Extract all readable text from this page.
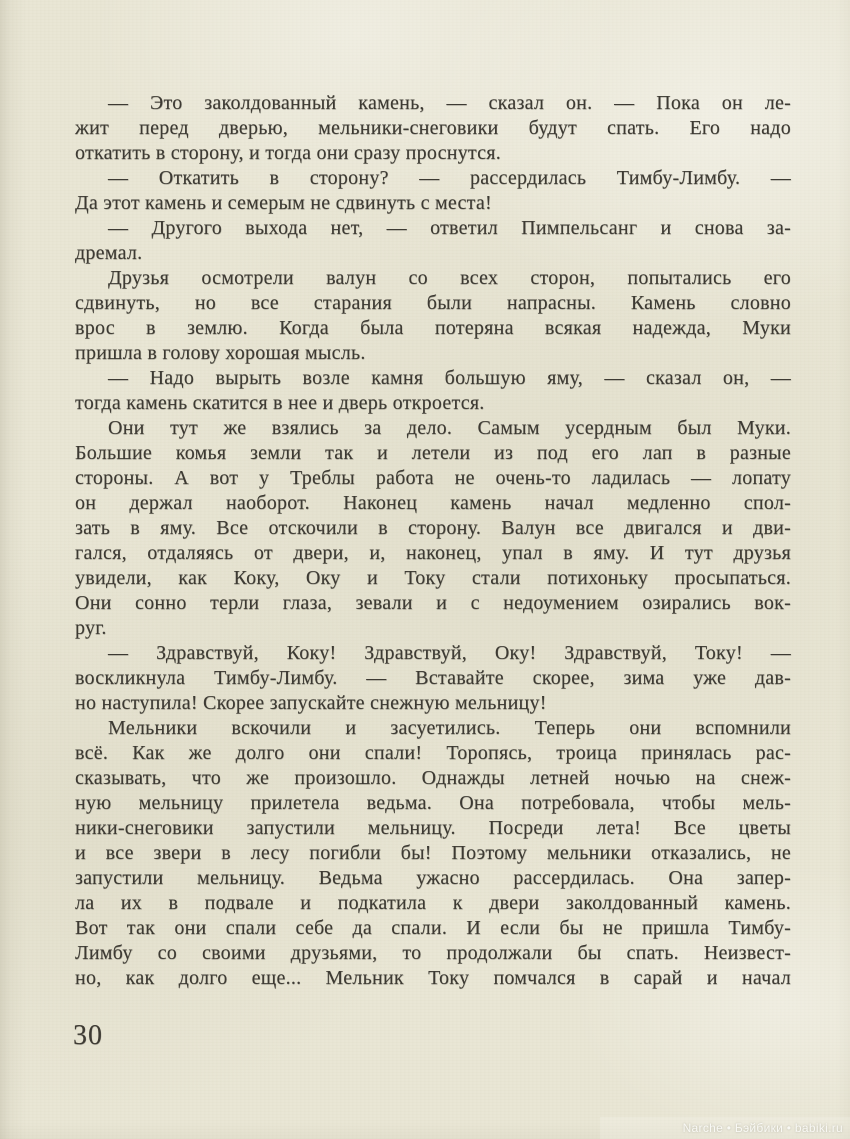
— Это заколдованный камень, — сказал он. — Пока он ле-
жит перед дверью, мельники-снеговики будут спать. Его надо
откатить в сторону, и тогда они сразу проснутся.
— Откатить в сторону? — рассердилась Тимбу-Лимбу. —
Да этот камень и семерым не сдвинуть с места!
— Другого выхода нет, — ответил Пимпельсанг и снова за-
дремал.
Друзья осмотрели валун со всех сторон, попытались его
сдвинуть, но все старания были напрасны. Камень словно
врос в землю. Когда была потеряна всякая надежда, Муки
пришла в голову хорошая мысль.
— Надо вырыть возле камня большую яму, — сказал он, —
тогда камень скатится в нее и дверь откроется.
Они тут же взялись за дело. Самым усердным был Муки.
Большие комья земли так и летели из под его лап в разные
стороны. А вот у Треблы работа не очень-то ладилась — лопату
он держал наоборот. Наконец камень начал медленно спол-
зать в яму. Все отскочили в сторону. Валун все двигался и дви-
гался, отдаляясь от двери, и, наконец, упал в яму. И тут друзья
увидели, как Коку, Оку и Току стали потихоньку просыпаться.
Они сонно терли глаза, зевали и с недоумением озирались вок-
руг.
— Здравствуй, Коку! Здравствуй, Оку! Здравствуй, Току! —
воскликнула Тимбу-Лимбу. — Вставайте скорее, зима уже дав-
но наступила! Скорее запускайте снежную мельницу!
Мельники вскочили и засуетились. Теперь они вспомнили
всё. Как же долго они спали! Торопясь, троица принялась рас-
сказывать, что же произошло. Однажды летней ночью на снеж-
ную мельницу прилетела ведьма. Она потребовала, чтобы мель-
ники-снеговики запустили мельницу. Посреди лета! Все цветы
и все звери в лесу погибли бы! Поэтому мельники отказались, не
запустили мельницу. Ведьма ужасно рассердилась. Она запер-
ла их в подвале и подкатила к двери заколдованный камень.
Вот так они спали себе да спали. И если бы не пришла Тимбу-
Лимбу со своими друзьями, то продолжали бы спать. Неизвест-
но, как долго еще... Мельник Току помчался в сарай и начал
30
Narche • Бэйбики • babiki.ru
